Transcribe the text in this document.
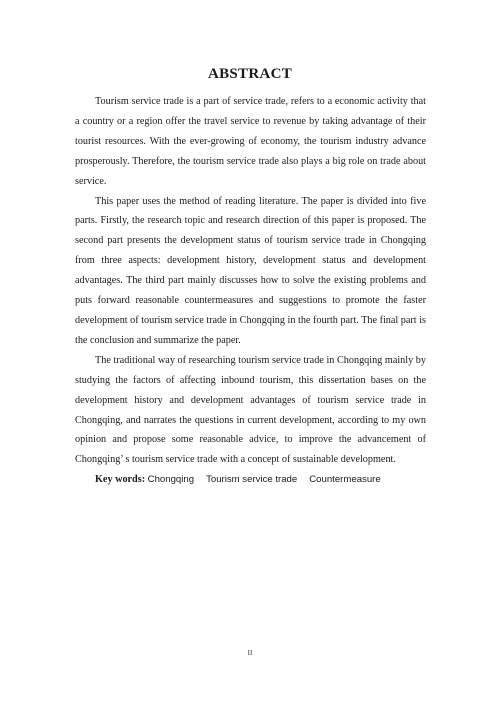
ABSTRACT

Tourism service trade is a part of service trade, refers to a economic activity that a country or a region offer the travel service to revenue by taking advantage of their tourist resources. With the ever-growing of economy, the tourism industry advance prosperously. Therefore, the tourism service trade also plays a big role on trade about service.

This paper uses the method of reading literature. The paper is divided into five parts. Firstly, the research topic and research direction of this paper is proposed. The second part presents the development status of tourism service trade in Chongqing from three aspects: development history, development status and development advantages. The third part mainly discusses how to solve the existing problems and puts forward reasonable countermeasures and suggestions to promote the faster development of tourism service trade in Chongqing in the fourth part. The final part is the conclusion and summarize the paper.

The traditional way of researching tourism service trade in Chongqing mainly by studying the factors of affecting inbound tourism, this dissertation bases on the development history and development advantages of tourism service trade in Chongqing, and narrates the questions in current development, according to my own opinion and propose some reasonable advice, to improve the advancement of Chongqing’ s tourism service trade with a concept of sustainable development.

Key words: Chongqing Tourism service trade Countermeasure

II
